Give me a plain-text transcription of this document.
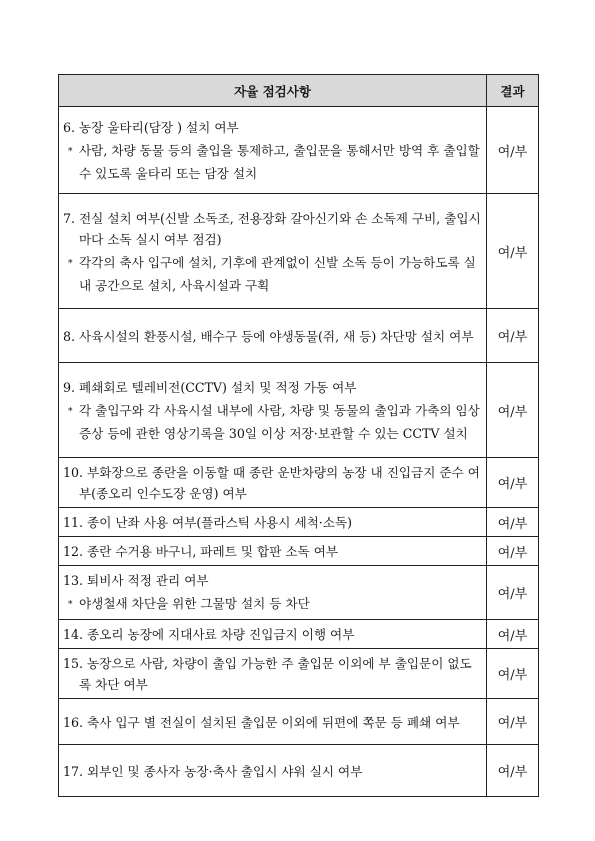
자율 점검사항	결과

6. 농장 울타리(담장 ) 설치 여부
* 사람, 차량 동물 등의 출입을 통제하고, 출입문을 통해서만 방역 후 출입할 수 있도록 울타리 또는 담장 설치	여/부

7. 전실 설치 여부(신발 소독조, 전용장화 갈아신기와 손 소독제 구비, 출입시 마다 소독 실시 여부 점검)
* 각각의 축사 입구에 설치, 기후에 관계없이 신발 소독 등이 가능하도록 실내 공간으로 설치, 사육시설과 구획	여/부

8. 사육시설의 환풍시설, 배수구 등에 야생동물(쥐, 새 등) 차단망 설치 여부	여/부

9. 폐쇄회로 텔레비전(CCTV) 설치 및 적정 가동 여부
* 각 출입구와 각 사육시설 내부에 사람, 차량 및 동물의 출입과 가축의 임상증상 등에 관한 영상기록을 30일 이상 저장·보관할 수 있는 CCTV 설치	여/부

10. 부화장으로 종란을 이동할 때 종란 운반차량의 농장 내 진입금지 준수 여부(종오리 인수도장 운영) 여부	여/부

11. 종이 난좌 사용 여부(플라스틱 사용시 세척·소독)	여/부

12. 종란 수거용 바구니, 파레트 및 합판 소독 여부	여/부

13. 퇴비사 적정 관리 여부
* 야생철새 차단을 위한 그물망 설치 등 차단	여/부

14. 종오리 농장에 지대사료 차량 진입금지 이행 여부	여/부

15. 농장으로 사람, 차량이 출입 가능한 주 출입문 이외에 부 출입문이 없도록 차단 여부	여/부

16. 축사 입구 별 전실이 설치된 출입문 이외에 뒤편에 쪽문 등 폐쇄 여부	여/부

17. 외부인 및 종사자 농장·축사 출입시 샤워 실시 여부	여/부
